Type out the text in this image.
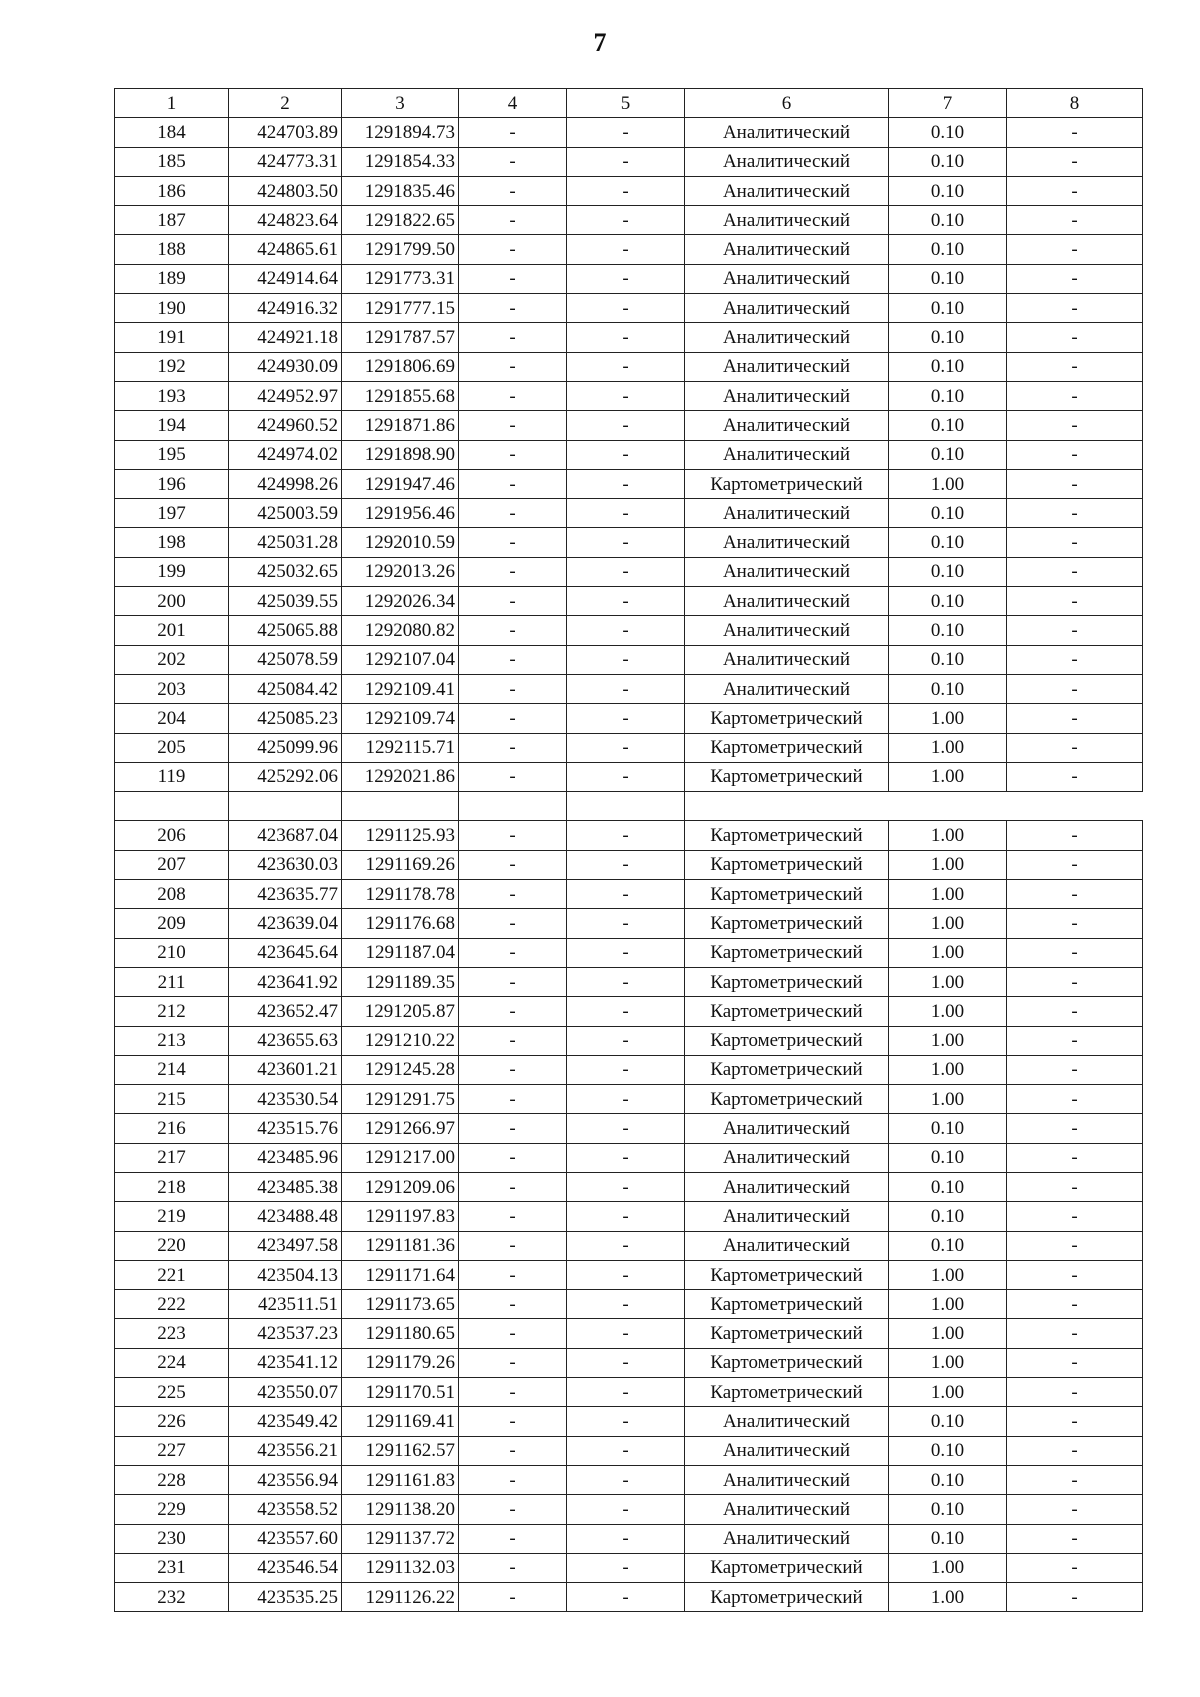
7
1	2	3	4	5	6	7	8
184	424703.89	1291894.73	-	-	Аналитический	0.10	-
185	424773.31	1291854.33	-	-	Аналитический	0.10	-
186	424803.50	1291835.46	-	-	Аналитический	0.10	-
187	424823.64	1291822.65	-	-	Аналитический	0.10	-
188	424865.61	1291799.50	-	-	Аналитический	0.10	-
189	424914.64	1291773.31	-	-	Аналитический	0.10	-
190	424916.32	1291777.15	-	-	Аналитический	0.10	-
191	424921.18	1291787.57	-	-	Аналитический	0.10	-
192	424930.09	1291806.69	-	-	Аналитический	0.10	-
193	424952.97	1291855.68	-	-	Аналитический	0.10	-
194	424960.52	1291871.86	-	-	Аналитический	0.10	-
195	424974.02	1291898.90	-	-	Аналитический	0.10	-
196	424998.26	1291947.46	-	-	Картометрический	1.00	-
197	425003.59	1291956.46	-	-	Аналитический	0.10	-
198	425031.28	1292010.59	-	-	Аналитический	0.10	-
199	425032.65	1292013.26	-	-	Аналитический	0.10	-
200	425039.55	1292026.34	-	-	Аналитический	0.10	-
201	425065.88	1292080.82	-	-	Аналитический	0.10	-
202	425078.59	1292107.04	-	-	Аналитический	0.10	-
203	425084.42	1292109.41	-	-	Аналитический	0.10	-
204	425085.23	1292109.74	-	-	Картометрический	1.00	-
205	425099.96	1292115.71	-	-	Картометрический	1.00	-
119	425292.06	1292021.86	-	-	Картометрический	1.00	-

206	423687.04	1291125.93	-	-	Картометрический	1.00	-
207	423630.03	1291169.26	-	-	Картометрический	1.00	-
208	423635.77	1291178.78	-	-	Картометрический	1.00	-
209	423639.04	1291176.68	-	-	Картометрический	1.00	-
210	423645.64	1291187.04	-	-	Картометрический	1.00	-
211	423641.92	1291189.35	-	-	Картометрический	1.00	-
212	423652.47	1291205.87	-	-	Картометрический	1.00	-
213	423655.63	1291210.22	-	-	Картометрический	1.00	-
214	423601.21	1291245.28	-	-	Картометрический	1.00	-
215	423530.54	1291291.75	-	-	Картометрический	1.00	-
216	423515.76	1291266.97	-	-	Аналитический	0.10	-
217	423485.96	1291217.00	-	-	Аналитический	0.10	-
218	423485.38	1291209.06	-	-	Аналитический	0.10	-
219	423488.48	1291197.83	-	-	Аналитический	0.10	-
220	423497.58	1291181.36	-	-	Аналитический	0.10	-
221	423504.13	1291171.64	-	-	Картометрический	1.00	-
222	423511.51	1291173.65	-	-	Картометрический	1.00	-
223	423537.23	1291180.65	-	-	Картометрический	1.00	-
224	423541.12	1291179.26	-	-	Картометрический	1.00	-
225	423550.07	1291170.51	-	-	Картометрический	1.00	-
226	423549.42	1291169.41	-	-	Аналитический	0.10	-
227	423556.21	1291162.57	-	-	Аналитический	0.10	-
228	423556.94	1291161.83	-	-	Аналитический	0.10	-
229	423558.52	1291138.20	-	-	Аналитический	0.10	-
230	423557.60	1291137.72	-	-	Аналитический	0.10	-
231	423546.54	1291132.03	-	-	Картометрический	1.00	-
232	423535.25	1291126.22	-	-	Картометрический	1.00	-
